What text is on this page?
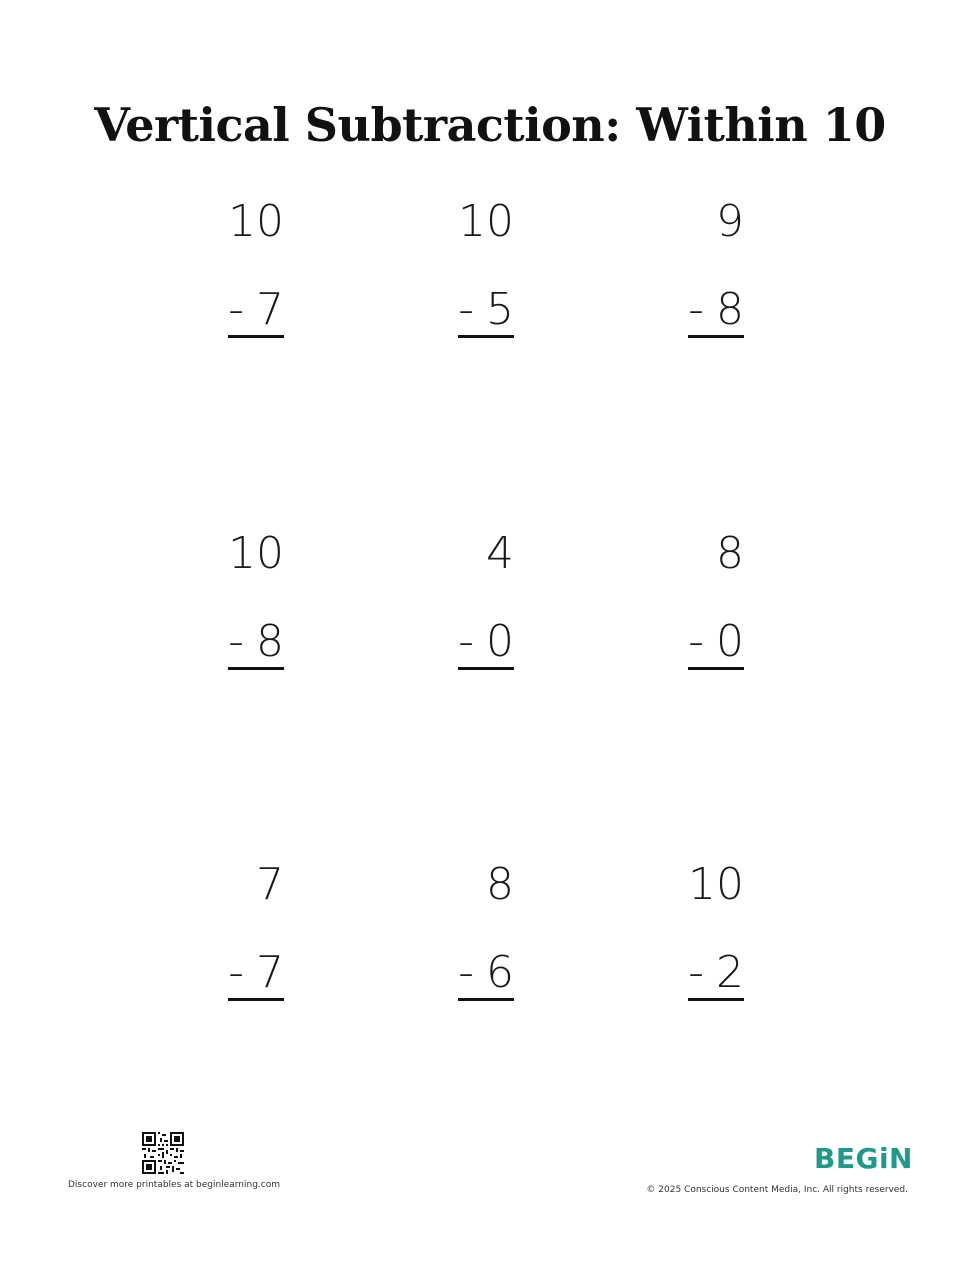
Vertical Subtraction: Within 10
10
- 7
10
- 5
9
- 8
10
- 8
4
- 0
8
- 0
7
- 7
8
- 6
10
- 2
Discover more printables at beginlearning.com
BEGiN
© 2025 Conscious Content Media, Inc. All rights reserved.
